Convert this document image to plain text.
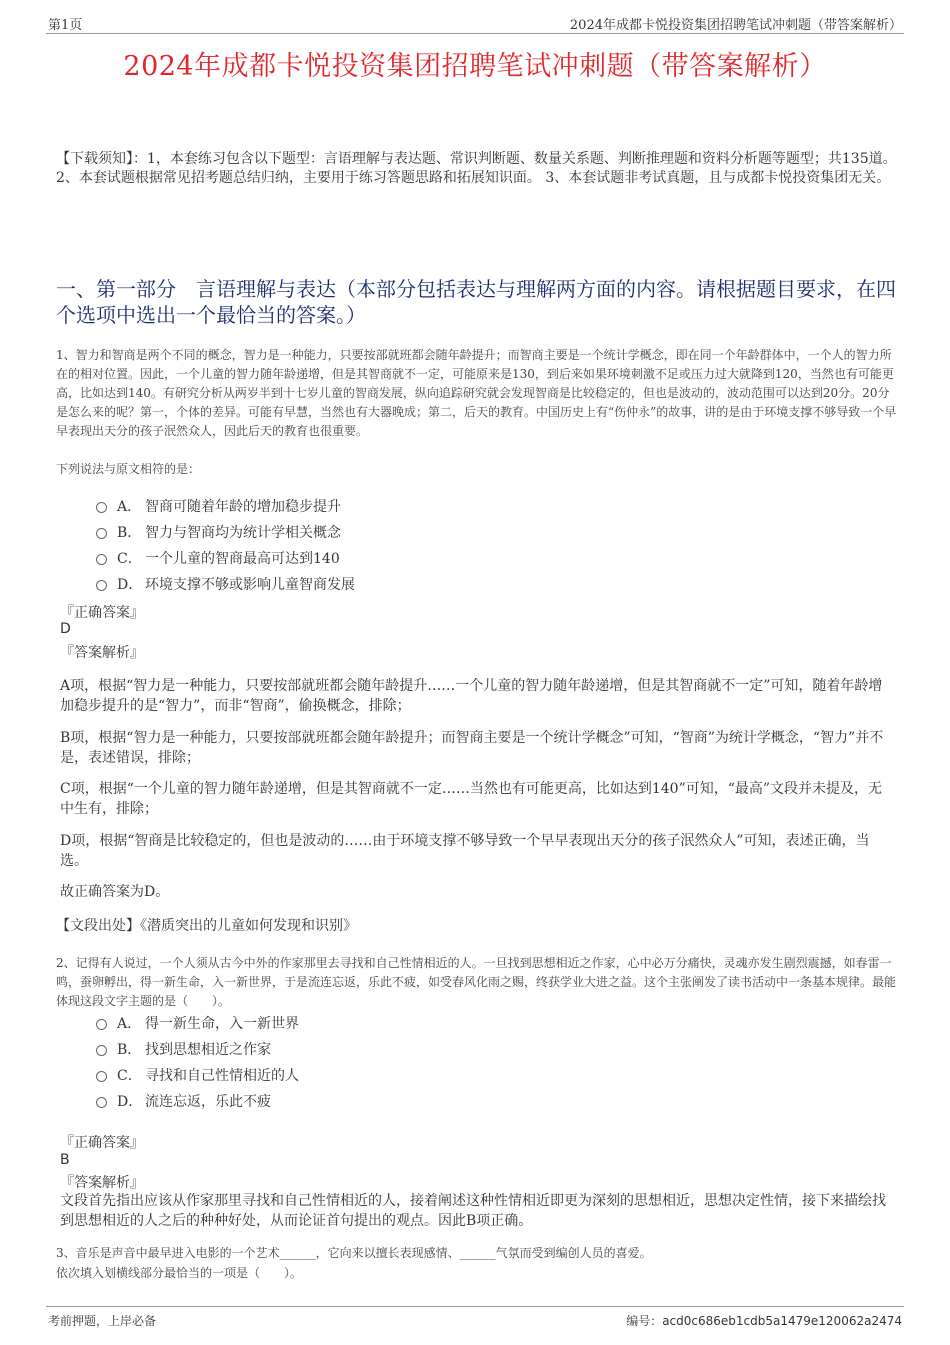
第1页	2024年成都卡悦投资集团招聘笔试冲刺题（带答案解析）
2024年成都卡悦投资集团招聘笔试冲刺题（带答案解析）
【下载须知】：1，本套练习包含以下题型：言语理解与表达题、常识判断题、数量关系题、判断推理题和资料分析题等题型；共135道。 2、本套试题根据常见招考题总结归纳，主要用于练习答题思路和拓展知识面。 3、本套试题非考试真题，且与成都卡悦投资集团无关。
一、第一部分　言语理解与表达（本部分包括表达与理解两方面的内容。请根据题目要求，在四个选项中选出一个最恰当的答案。）
1、智力和智商是两个不同的概念，智力是一种能力，只要按部就班都会随年龄提升；而智商主要是一个统计学概念，即在同一个年龄群体中，一个人的智力所在的相对位置。因此，一个儿童的智力随年龄递增，但是其智商就不一定，可能原来是130，到后来如果环境刺激不足或压力过大就降到120，当然也有可能更高，比如达到140。有研究分析从两岁半到十七岁儿童的智商发展，纵向追踪研究就会发现智商是比较稳定的，但也是波动的，波动范围可以达到20分。20分是怎么来的呢？第一，个体的差异。可能有早慧，当然也有大器晚成；第二，后天的教育。中国历史上有“伤仲永”的故事，讲的是由于环境支撑不够导致一个早早表现出天分的孩子泯然众人，因此后天的教育也很重要。
下列说法与原文相符的是：
A． 智商可随着年龄的增加稳步提升
B． 智力与智商均为统计学相关概念
C． 一个儿童的智商最高可达到140
D． 环境支撑不够或影响儿童智商发展
『正确答案』
D
『答案解析』
A项，根据“智力是一种能力，只要按部就班都会随年龄提升……一个儿童的智力随年龄递增，但是其智商就不一定”可知，随着年龄增加稳步提升的是“智力”，而非“智商”，偷换概念，排除；
B项，根据“智力是一种能力，只要按部就班都会随年龄提升；而智商主要是一个统计学概念”可知，“智商”为统计学概念，“智力”并不是，表述错误，排除；
C项，根据“一个儿童的智力随年龄递增，但是其智商就不一定……当然也有可能更高，比如达到140”可知，“最高”文段并未提及，无中生有，排除；
D项，根据“智商是比较稳定的，但也是波动的……由于环境支撑不够导致一个早早表现出天分的孩子泯然众人”可知，表述正确，当选。
故正确答案为D。
【文段出处】《潜质突出的儿童如何发现和识别》
2、记得有人说过，一个人须从古今中外的作家那里去寻找和自己性情相近的人。一旦找到思想相近之作家，心中必万分痛快，灵魂亦发生剧烈震撼，如春雷一鸣，蚕卵孵出，得一新生命，入一新世界，于是流连忘返，乐此不疲，如受春风化雨之赐，终获学业大进之益。这个主张阐发了读书活动中一条基本规律。最能体现这段文字主题的是（　　）。
A． 得一新生命，入一新世界
B． 找到思想相近之作家
C． 寻找和自己性情相近的人
D． 流连忘返，乐此不疲
『正确答案』
B
『答案解析』
文段首先指出应该从作家那里寻找和自己性情相近的人，接着阐述这种性情相近即更为深刻的思想相近，思想决定性情，接下来描绘找到思想相近的人之后的种种好处，从而论证首句提出的观点。因此B项正确。
3、音乐是声音中最早进入电影的一个艺术______，它向来以擅长表现感情、______气氛而受到编创人员的喜爱。
依次填入划横线部分最恰当的一项是（　　）。
考前押题，上岸必备	编号：acd0c686eb1cdb5a1479e120062a2474
